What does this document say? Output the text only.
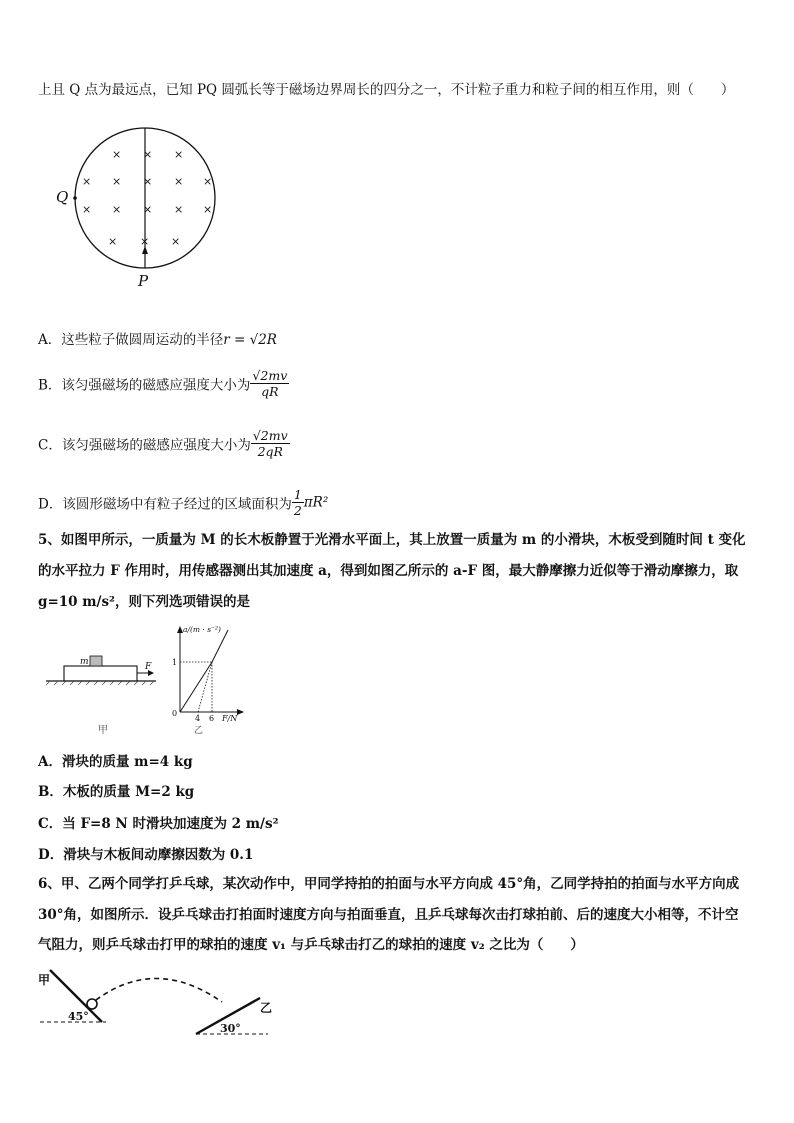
上且 Q 点为最远点，已知 PQ 圆弧长等于磁场边界周长的四分之一，不计粒子重力和粒子间的相互作用，则（　　）
× × ×
× × × × ×
× × × × ×
× × ×
Q
P
A．这些粒子做圆周运动的半径r = √2R
B．该匀强磁场的磁感应强度大小为 $\frac{√2mv}{qR}$
C．该匀强磁场的磁感应强度大小为 $\frac{√2mv}{2qR}$
D．该圆形磁场中有粒子经过的区域面积为 $\frac{1}{2} \pi R^2$
5、如图甲所示，一质量为 M 的长木板静置于光滑水平面上，其上放置一质量为 m 的小滑块，木板受到随时间 t 变化
的水平拉力 F 作用时，用传感器测出其加速度 a，得到如图乙所示的 a-F 图，最大静摩擦力近似等于滑动摩擦力，取
g=10 m/s²，则下列选项错误的是
m	F
甲
a/(m · s⁻²)
1
0
4 6 F/N
乙
A．滑块的质量 m=4 kg
B．木板的质量 M=2 kg
C．当 F=8 N 时滑块加速度为 2 m/s²
D．滑块与木板间动摩擦因数为 0.1
6、甲、乙两个同学打乒乓球，某次动作中，甲同学持拍的拍面与水平方向成 45°角，乙同学持拍的拍面与水平方向成
30°角，如图所示．设乒乓球击打拍面时速度方向与拍面垂直，且乒乓球每次击打球拍前、后的速度大小相等，不计空
气阻力，则乒乓球击打甲的球拍的速度 v₁ 与乒乓球击打乙的球拍的速度 v₂ 之比为（　　）
甲
乙
45°
30°
